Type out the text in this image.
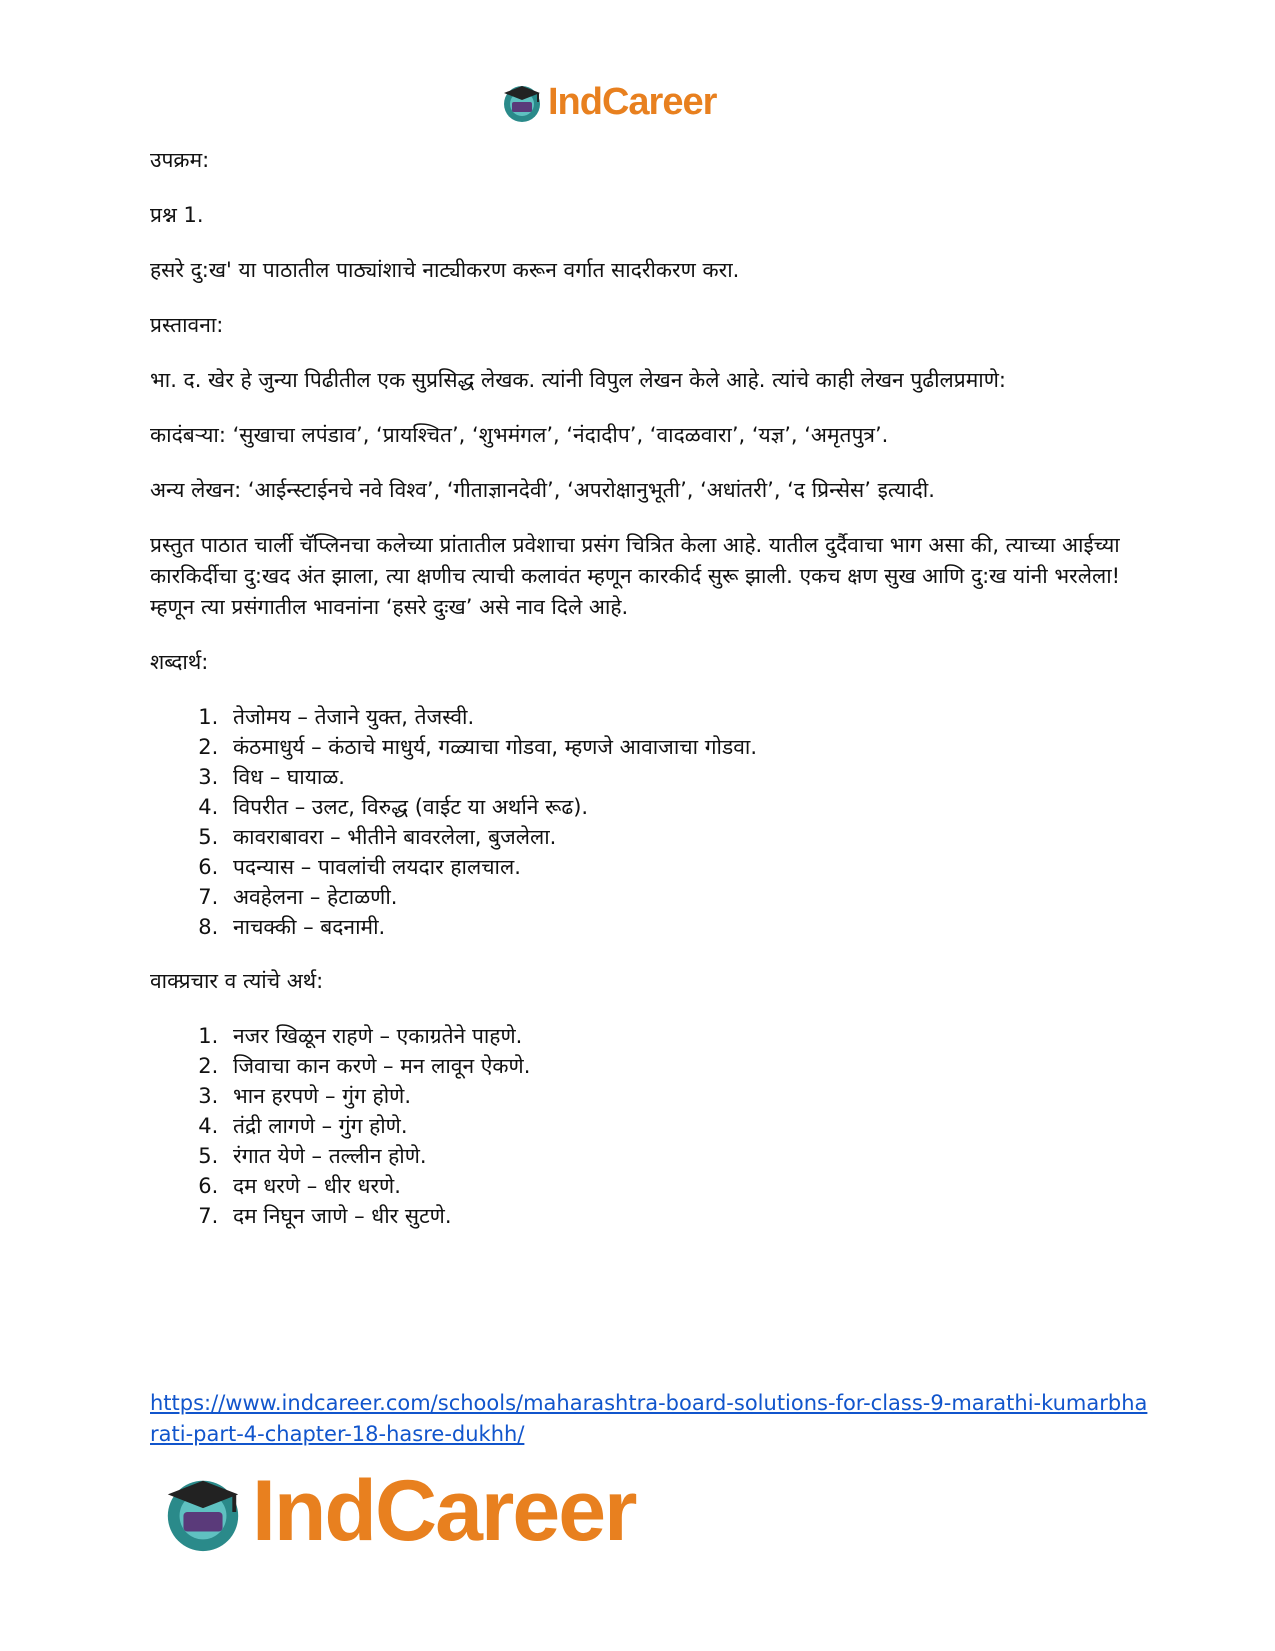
IndCareer

उपक्रम:

प्रश्न 1.

हसरे दु:ख' या पाठातील पाठ्यांशाचे नाट्यीकरण करून वर्गात सादरीकरण करा.

प्रस्तावना:

भा. द. खेर हे जुन्या पिढीतील एक सुप्रसिद्ध लेखक. त्यांनी विपुल लेखन केले आहे. त्यांचे काही लेखन पुढीलप्रमाणे:

कादंबऱ्या: ‘सुखाचा लपंडाव’, ‘प्रायश्चित’, ‘शुभमंगल’, ‘नंदादीप’, ‘वादळवारा’, ‘यज्ञ’, ‘अमृतपुत्र’.

अन्य लेखन: ‘आईन्स्टाईनचे नवे विश्व’, ‘गीताज्ञानदेवी’, ‘अपरोक्षानुभूती’, ‘अधांतरी’, ‘द प्रिन्सेस’ इत्यादी.

प्रस्तुत पाठात चार्ली चॅप्लिनचा कलेच्या प्रांतातील प्रवेशाचा प्रसंग चित्रित केला आहे. यातील दुर्दैवाचा भाग असा की, त्याच्या आईच्या कारकिर्दीचा दु:खद अंत झाला, त्या क्षणीच त्याची कलावंत म्हणून कारकीर्द सुरू झाली. एकच क्षण सुख आणि दु:ख यांनी भरलेला! म्हणून त्या प्रसंगातील भावनांना ‘हसरे दुःख’ असे नाव दिले आहे.

शब्दार्थ:

1. तेजोमय – तेजाने युक्त, तेजस्वी.
2. कंठमाधुर्य – कंठाचे माधुर्य, गळ्याचा गोडवा, म्हणजे आवाजाचा गोडवा.
3. विध – घायाळ.
4. विपरीत – उलट, विरुद्ध (वाईट या अर्थाने रूढ).
5. कावराबावरा – भीतीने बावरलेला, बुजलेला.
6. पदन्यास – पावलांची लयदार हालचाल.
7. अवहेलना – हेटाळणी.
8. नाचक्की – बदनामी.

वाक्प्रचार व त्यांचे अर्थ:

1. नजर खिळून राहणे – एकाग्रतेने पाहणे.
2. जिवाचा कान करणे – मन लावून ऐकणे.
3. भान हरपणे – गुंग होणे.
4. तंद्री लागणे – गुंग होणे.
5. रंगात येणे – तल्लीन होणे.
6. दम धरणे – धीर धरणे.
7. दम निघून जाणे – धीर सुटणे.
https://www.indcareer.com/schools/maharashtra-board-solutions-for-class-9-marathi-kumarbharati-part-4-chapter-18-hasre-dukhh/
IndCareer
